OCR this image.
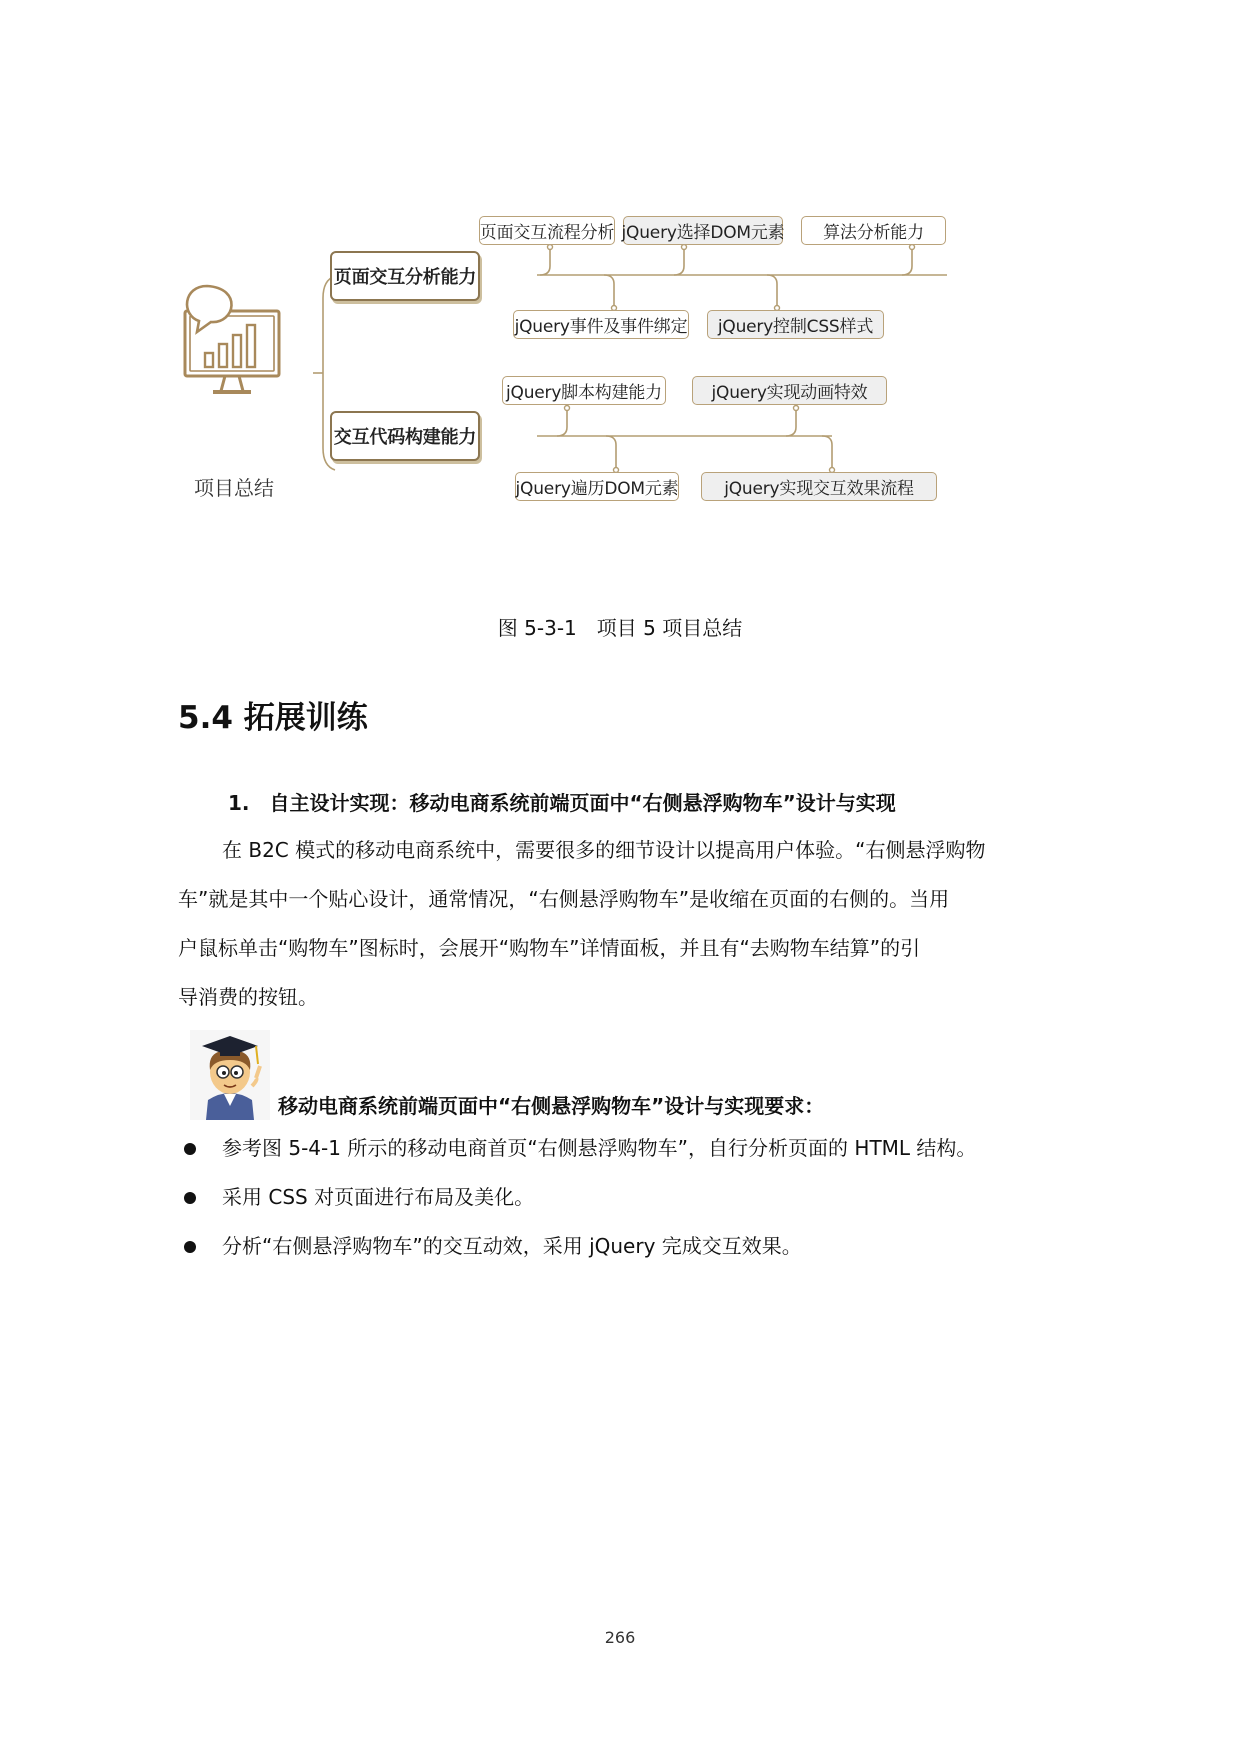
项目总结
页面交互分析能力
页面交互流程分析 jQuery选择DOM元素	算法分析能力
jQuery事件及事件绑定	jQuery控制CSS样式
交互代码构建能力
jQuery脚本构建能力	jQuery实现动画特效
jQuery遍历DOM元素	jQuery实现交互效果流程
图 5-3-1　项目 5 项目总结
5.4 拓展训练
1.　自主设计实现：移动电商系统前端页面中“右侧悬浮购物车”设计与实现
在 B2C 模式的移动电商系统中，需要很多的细节设计以提高用户体验。“右侧悬浮购物
车”就是其中一个贴心设计，通常情况，“右侧悬浮购物车”是收缩在页面的右侧的。当用
户鼠标单击“购物车”图标时，会展开“购物车”详情面板，并且有“去购物车结算”的引
导消费的按钮。
移动电商系统前端页面中“右侧悬浮购物车”设计与实现要求：
参考图 5-4-1 所示的移动电商首页“右侧悬浮购物车”，自行分析页面的 HTML 结构。
采用 CSS 对页面进行布局及美化。
分析“右侧悬浮购物车”的交互动效，采用 jQuery 完成交互效果。
266
